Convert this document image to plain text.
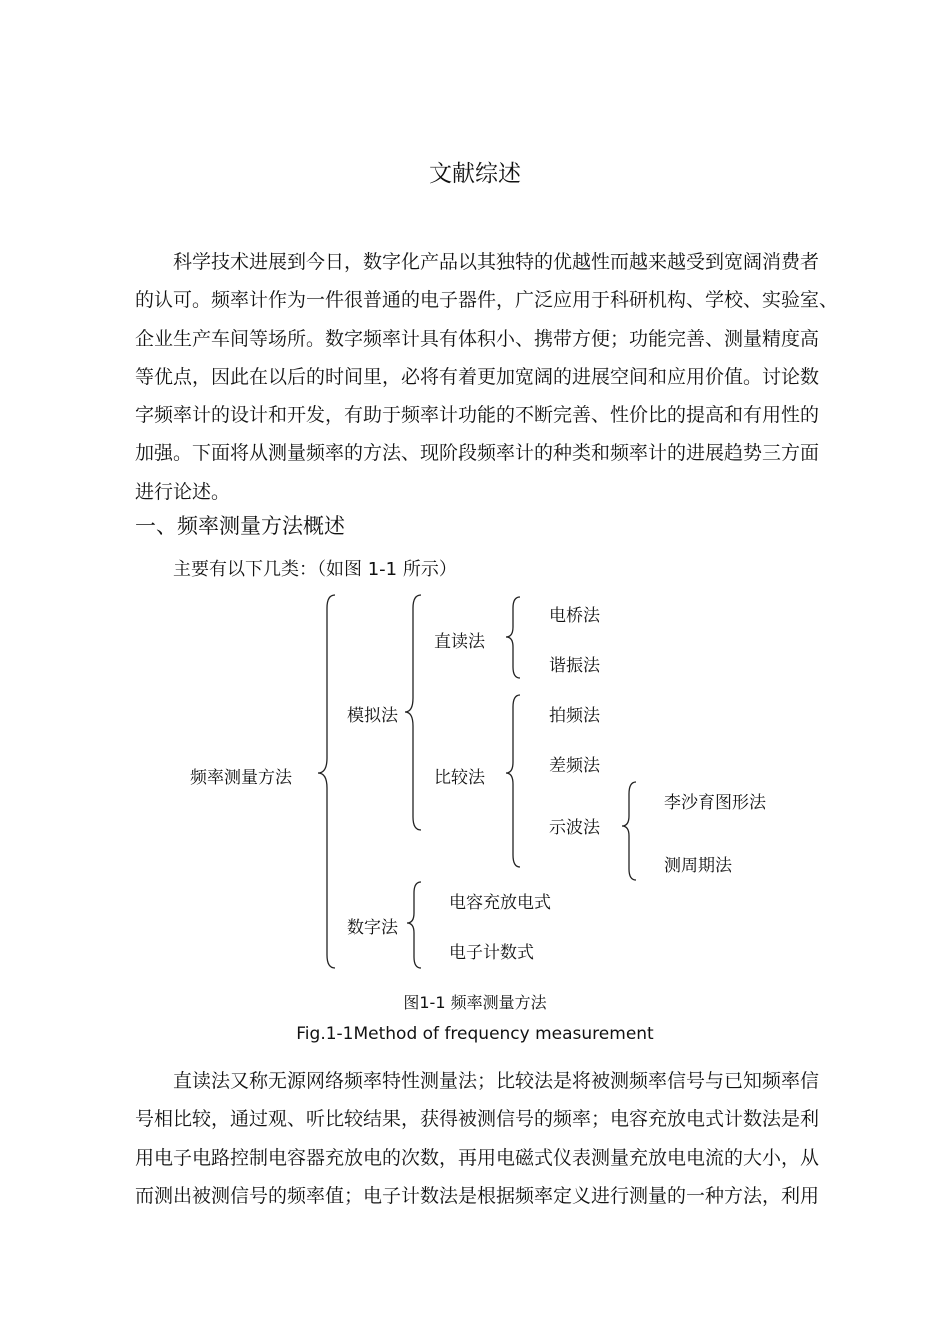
文献综述
　　科学技术进展到今日，数字化产品以其独特的优越性而越来越受到宽阔消费者
的认可。频率计作为一件很普通的电子器件，广泛应用于科研机构、学校、实验室、
企业生产车间等场所。数字频率计具有体积小、携带方便；功能完善、测量精度高
等优点，因此在以后的时间里，必将有着更加宽阔的进展空间和应用价值。讨论数
字频率计的设计和开发，有助于频率计功能的不断完善、性价比的提高和有用性的
加强。下面将从测量频率的方法、现阶段频率计的种类和频率计的进展趋势三方面
进行论述。
一、频率测量方法概述
主要有以下几类：（如图 1-1 所示）
频率测量方法
模拟法
直读法
电桥法
谐振法
比较法
拍频法
差频法
示波法
李沙育图形法
测周期法
数字法
电容充放电式
电子计数式
图1-1 频率测量方法
Fig.1-1Method of frequency measurement
　　直读法又称无源网络频率特性测量法；比较法是将被测频率信号与已知频率信
号相比较，通过观、听比较结果，获得被测信号的频率；电容充放电式计数法是利
用电子电路控制电容器充放电的次数，再用电磁式仪表测量充放电电流的大小，从
而测出被测信号的频率值；电子计数法是根据频率定义进行测量的一种方法，利用
